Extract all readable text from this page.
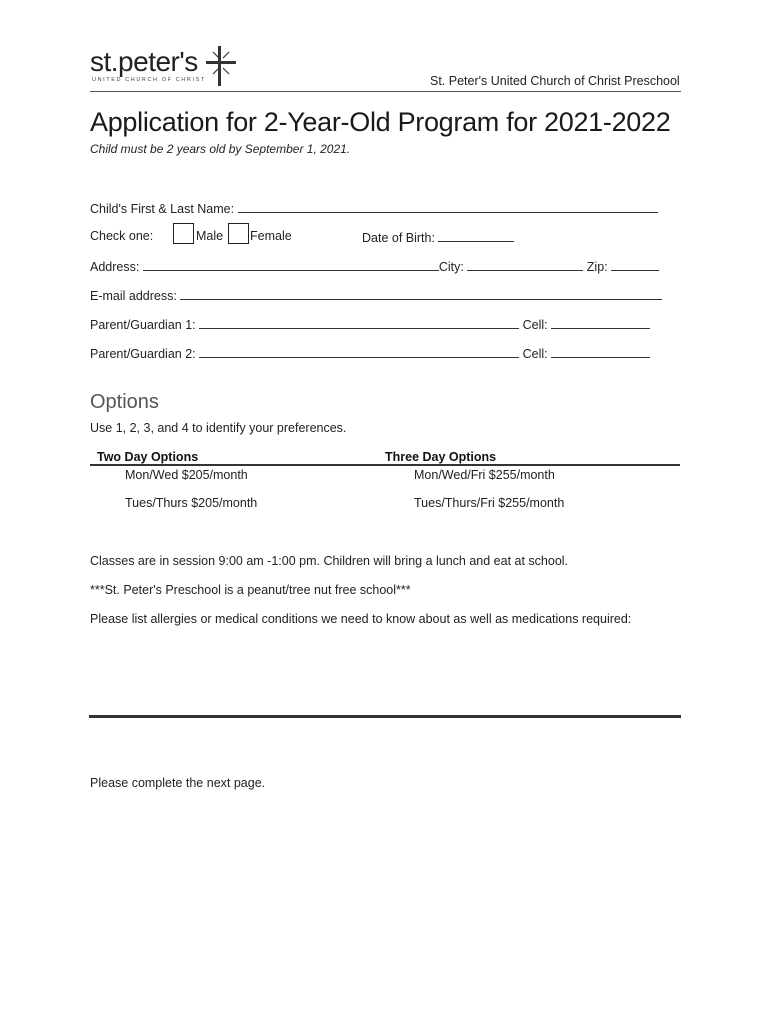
st.peter's
UNITED CHURCH OF CHRIST	St. Peter's United Church of Christ Preschool
Application for 2-Year-Old Program for 2021-2022
Child must be 2 years old by September 1, 2021.
Child's First & Last Name:
Check one:	Male Female	Date of Birth:
Address:	City:	Zip:
E-mail address:
Parent/Guardian 1:	Cell:
Parent/Guardian 2:	Cell:
Options
Use 1, 2, 3, and 4 to identify your preferences.
Two Day Options	Three Day Options
Mon/Wed $205/month	Mon/Wed/Fri $255/month
Tues/Thurs $205/month	Tues/Thurs/Fri $255/month
Classes are in session 9:00 am -1:00 pm. Children will bring a lunch and eat at school.
***St. Peter's Preschool is a peanut/tree nut free school***
Please list allergies or medical conditions we need to know about as well as medications required:
Please complete the next page.
